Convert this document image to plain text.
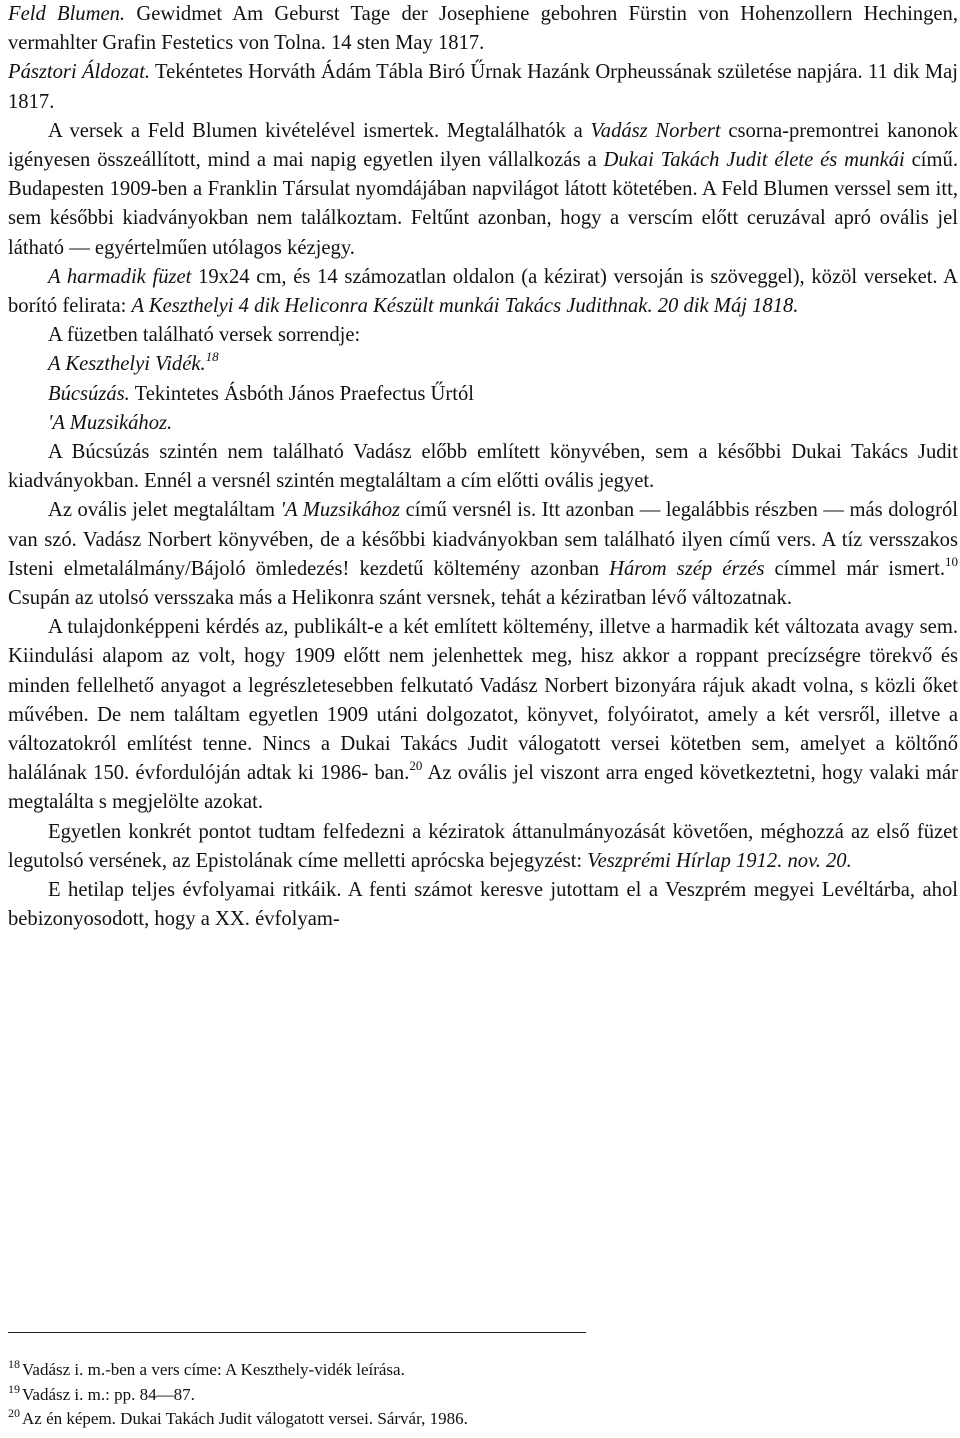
Feld Blumen. Gewidmet Am Geburst Tage der Josephiene gebohren Fürstin von Hohenzollern Hechingen, vermahlter Grafin Festetics von Tolna. 14 sten May 1817.

Pásztori Áldozat. Tekéntetes Horváth Ádám Tábla Biró Űrnak Hazánk Orpheussának születése napjára. 11 dik Maj 1817.

A versek a Feld Blumen kivételével ismertek. Megtalálhatók a Vadász Norbert csorna-premontrei kanonok igényesen összeállított, mind a mai napig egyetlen ilyen vállalkozás a Dukai Takách Judit élete és munkái című. Budapesten 1909-ben a Franklin Társulat nyomdájában napvilágot látott kötetében. A Feld Blumen verssel sem itt, sem későbbi kiadványokban nem találkoztam. Feltűnt azonban, hogy a verscím előtt ceruzával apró ovális jel látható — egyértelműen utólagos kézjegy.

A harmadik füzet 19x24 cm, és 14 számozatlan oldalon (a kézirat) versoján is szöveggel), közöl verseket. A borító felirata: A Keszthelyi 4 dik Heliconra Készült munkái Takács Judithnak. 20 dik Máj 1818.

A füzetben található versek sorrendje:

A Keszthelyi Vidék.$^{18}$

Búcsúzás. Tekintetes Ásbóth János Praefectus Űrtól

'A Muzsikához.

A Búcsúzás szintén nem található Vadász előbb említett könyvében, sem a későbbi Dukai Takács Judit kiadványokban. Ennél a versnél szintén megtaláltam a cím előtti ovális jegyet.

Az ovális jelet megtaláltam 'A Muzsikához című versnél is. Itt azonban — legalábbis részben — más dologról van szó. Vadász Norbert könyvében, de a későbbi kiadványokban sem található ilyen című vers. A tíz versszakos Isteni elmetalálmány/Bájoló ömledezés! kezdetű költemény azonban Három szép érzés címmel már ismert.$^{10}$ Csupán az utolsó versszaka más a Helikonra szánt versnek, tehát a kéziratban lévő változatnak.

A tulajdonképpeni kérdés az, publikált-e a két említett költemény, illetve a harmadik két változata avagy sem. Kiindulási alapom az volt, hogy 1909 előtt nem jelenhettek meg, hisz akkor a roppant precízségre törekvő és minden fellelhető anyagot a legrészletesebben felkutató Vadász Norbert bizonyára rájuk akadt volna, s közli őket művében. De nem találtam egyetlen 1909 utáni dolgozatot, könyvet, folyóiratot, amely a két versről, illetve a változatokról említést tenne. Nincs a Dukai Takács Judit válogatott versei kötetben sem, amelyet a költőnő halálának 150. évfordulóján adtak ki 1986- ban.$^{20}$ Az ovális jel viszont arra enged következtetni, hogy valaki már megtalálta s megjelölte azokat.

Egyetlen konkrét pontot tudtam felfedezni a kéziratok áttanulmányozását követően, méghozzá az első füzet legutolsó versének, az Epistolának címe melletti aprócska bejegyzést: Veszprémi Hírlap 1912. nov. 20.

E hetilap teljes évfolyamai ritkáik. A fenti számot keresve jutottam el a Veszprém megyei Levéltárba, ahol bebizonyosodott, hogy a XX. évfolyam-

$^{18}$ Vadász i. m.-ben a vers címe: A Keszthely-vidék leírása.

$^{19}$ Vadász i. m.: pp. 84—87.

$^{20}$ Az én képem. Dukai Takách Judit válogatott versei. Sárvár, 1986.
